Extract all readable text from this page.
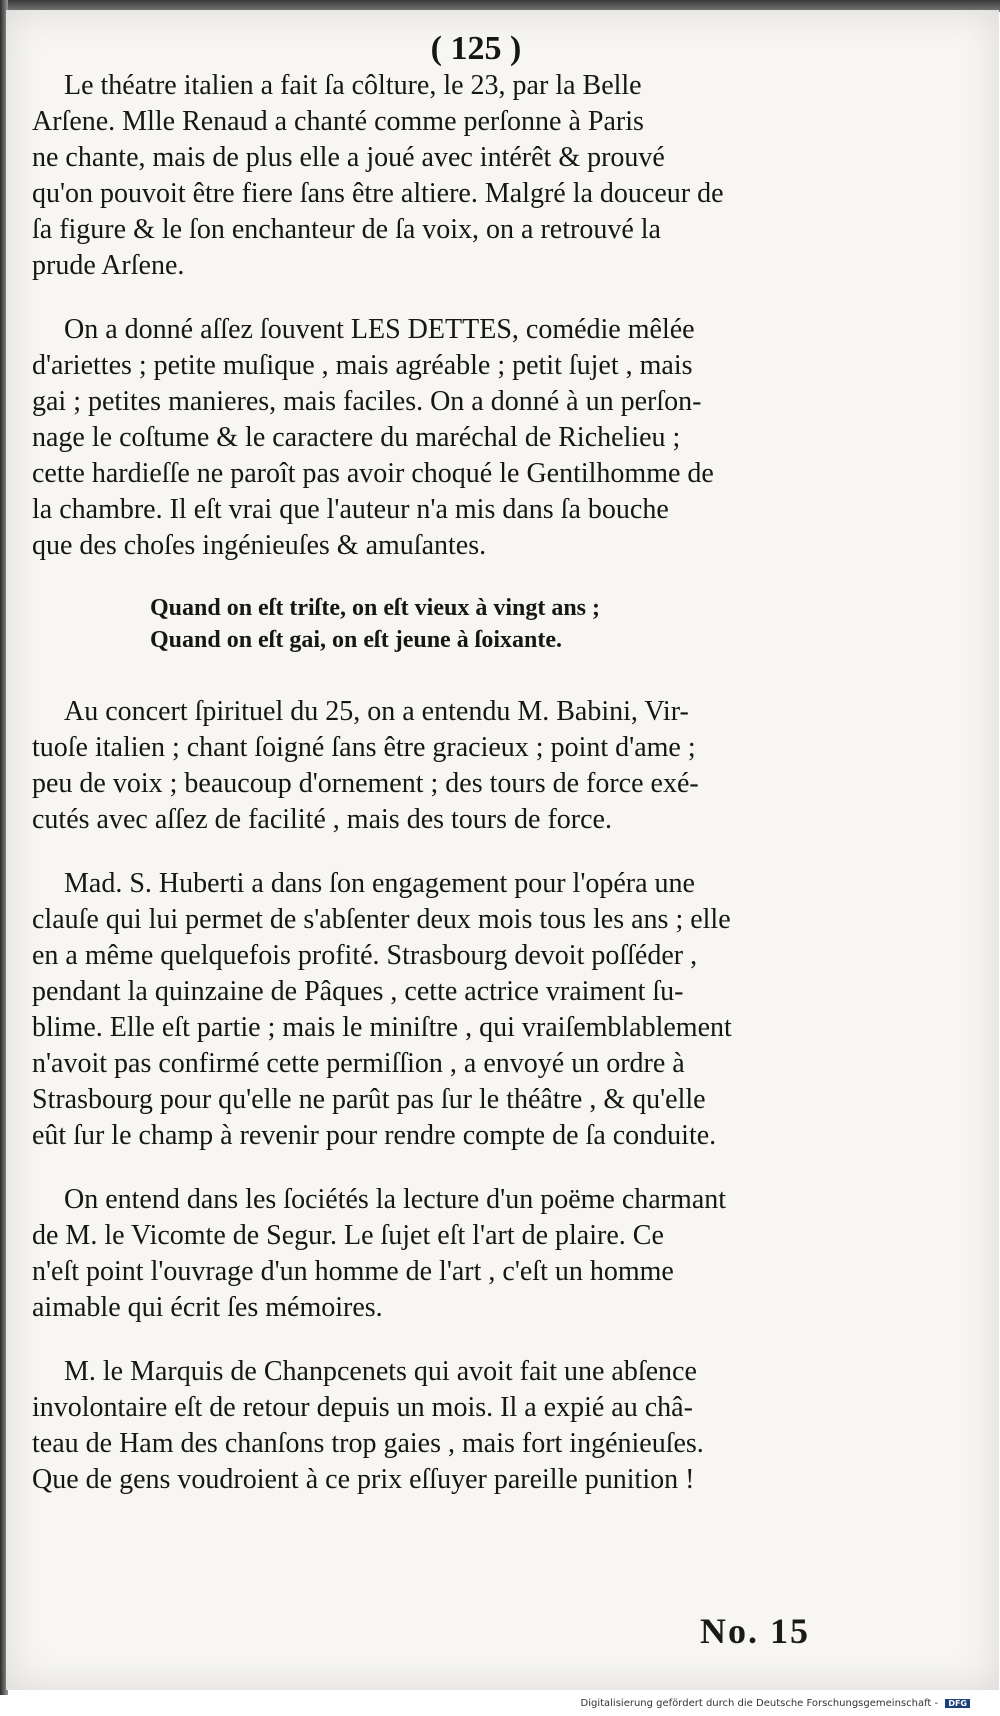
( 125 )
Le théatre italien a fait ſa côlture, le 23, par la Belle
Arſene. Mlle Renaud a chanté comme perſonne à Paris
ne chante, mais de plus elle a joué avec intérêt & prouvé
qu'on pouvoit être fiere ſans être altiere. Malgré la douceur de
ſa figure & le ſon enchanteur de ſa voix, on a retrouvé la
prude Arſene.
On a donné aſſez ſouvent LES DETTES, comédie mêlée
d'ariettes ; petite muſique , mais agréable ; petit ſujet , mais
gai ; petites manieres, mais faciles. On a donné à un perſon-
nage le coſtume & le caractere du maréchal de Richelieu ;
cette hardieſſe ne paroît pas avoir choqué le Gentilhomme de
la chambre. Il eſt vrai que l'auteur n'a mis dans ſa bouche
que des choſes ingénieuſes & amuſantes.
Quand on eſt triſte, on eſt vieux à vingt ans ;
Quand on eſt gai, on eſt jeune à ſoixante.
Au concert ſpirituel du 25, on a entendu M. Babini, Vir-
tuoſe italien ; chant ſoigné ſans être gracieux ; point d'ame ;
peu de voix ; beaucoup d'ornement ; des tours de force exé-
cutés avec aſſez de facilité , mais des tours de force.
Mad. S. Huberti a dans ſon engagement pour l'opéra une
clauſe qui lui permet de s'abſenter deux mois tous les ans ; elle
en a même quelquefois profité. Strasbourg devoit poſſéder ,
pendant la quinzaine de Pâques , cette actrice vraiment ſu-
blime. Elle eſt partie ; mais le miniſtre , qui vraiſemblablement
n'avoit pas confirmé cette permiſſion , a envoyé un ordre à
Strasbourg pour qu'elle ne parût pas ſur le théâtre , & qu'elle
eût ſur le champ à revenir pour rendre compte de ſa conduite.
On entend dans les ſociétés la lecture d'un poëme charmant
de M. le Vicomte de Segur. Le ſujet eſt l'art de plaire. Ce
n'eſt point l'ouvrage d'un homme de l'art , c'eſt un homme
aimable qui écrit ſes mémoires.
M. le Marquis de Chanpcenets qui avoit fait une abſence
involontaire eſt de retour depuis un mois. Il a expié au châ-
teau de Ham des chanſons trop gaies , mais fort ingénieuſes.
Que de gens voudroient à ce prix eſſuyer pareille punition !
No. 15
Digitalisierung gefördert durch die Deutsche Forschungsgemeinschaft - DFG
